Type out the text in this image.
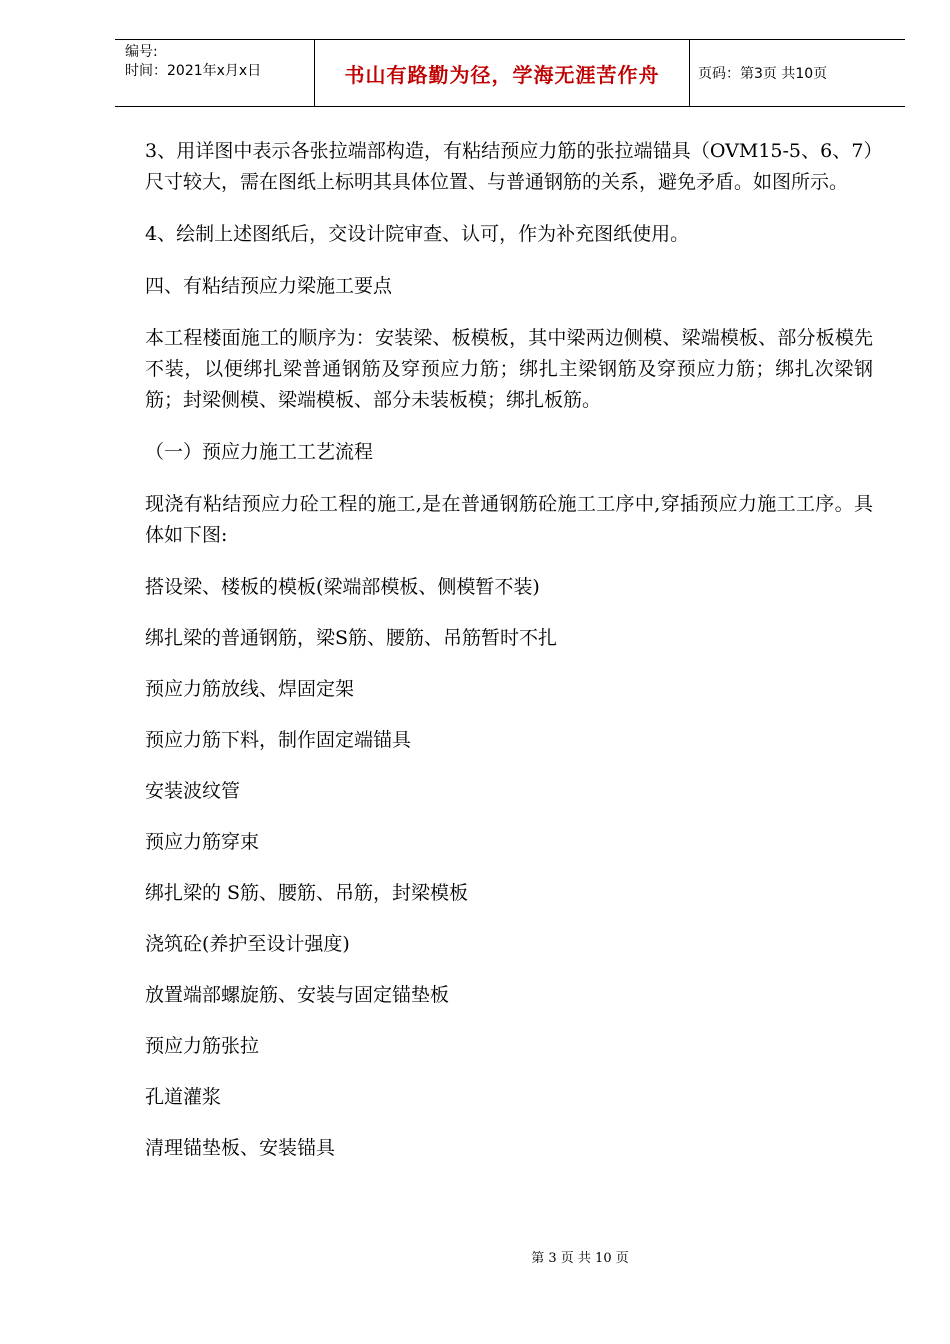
编号:
时间：2021年x月x日	书山有路勤为径，学海无涯苦作舟	页码：第3页 共10页

3、用详图中表示各张拉端部构造，有粘结预应力筋的张拉端锚具（OVM15-5、6、7）尺寸较大，需在图纸上标明其具体位置、与普通钢筋的关系，避免矛盾。如图所示。

4、绘制上述图纸后，交设计院审查、认可，作为补充图纸使用。

四、有粘结预应力梁施工要点

本工程楼面施工的顺序为：安装梁、板模板，其中梁两边侧模、梁端模板、部分板模先不装，以便绑扎梁普通钢筋及穿预应力筋；绑扎主梁钢筋及穿预应力筋；绑扎次梁钢筋；封梁侧模、梁端模板、部分未装板模；绑扎板筋。

（一）预应力施工工艺流程

现浇有粘结预应力砼工程的施工,是在普通钢筋砼施工工序中,穿插预应力施工工序。具体如下图:

搭设梁、楼板的模板(梁端部模板、侧模暂不装)

绑扎梁的普通钢筋，梁S筋、腰筋、吊筋暂时不扎

预应力筋放线、焊固定架

预应力筋下料，制作固定端锚具

安装波纹管

预应力筋穿束

绑扎梁的 S筋、腰筋、吊筋，封梁模板

浇筑砼(养护至设计强度)

放置端部螺旋筋、安装与固定锚垫板

预应力筋张拉

孔道灌浆

清理锚垫板、安装锚具

第 3 页 共 10 页
